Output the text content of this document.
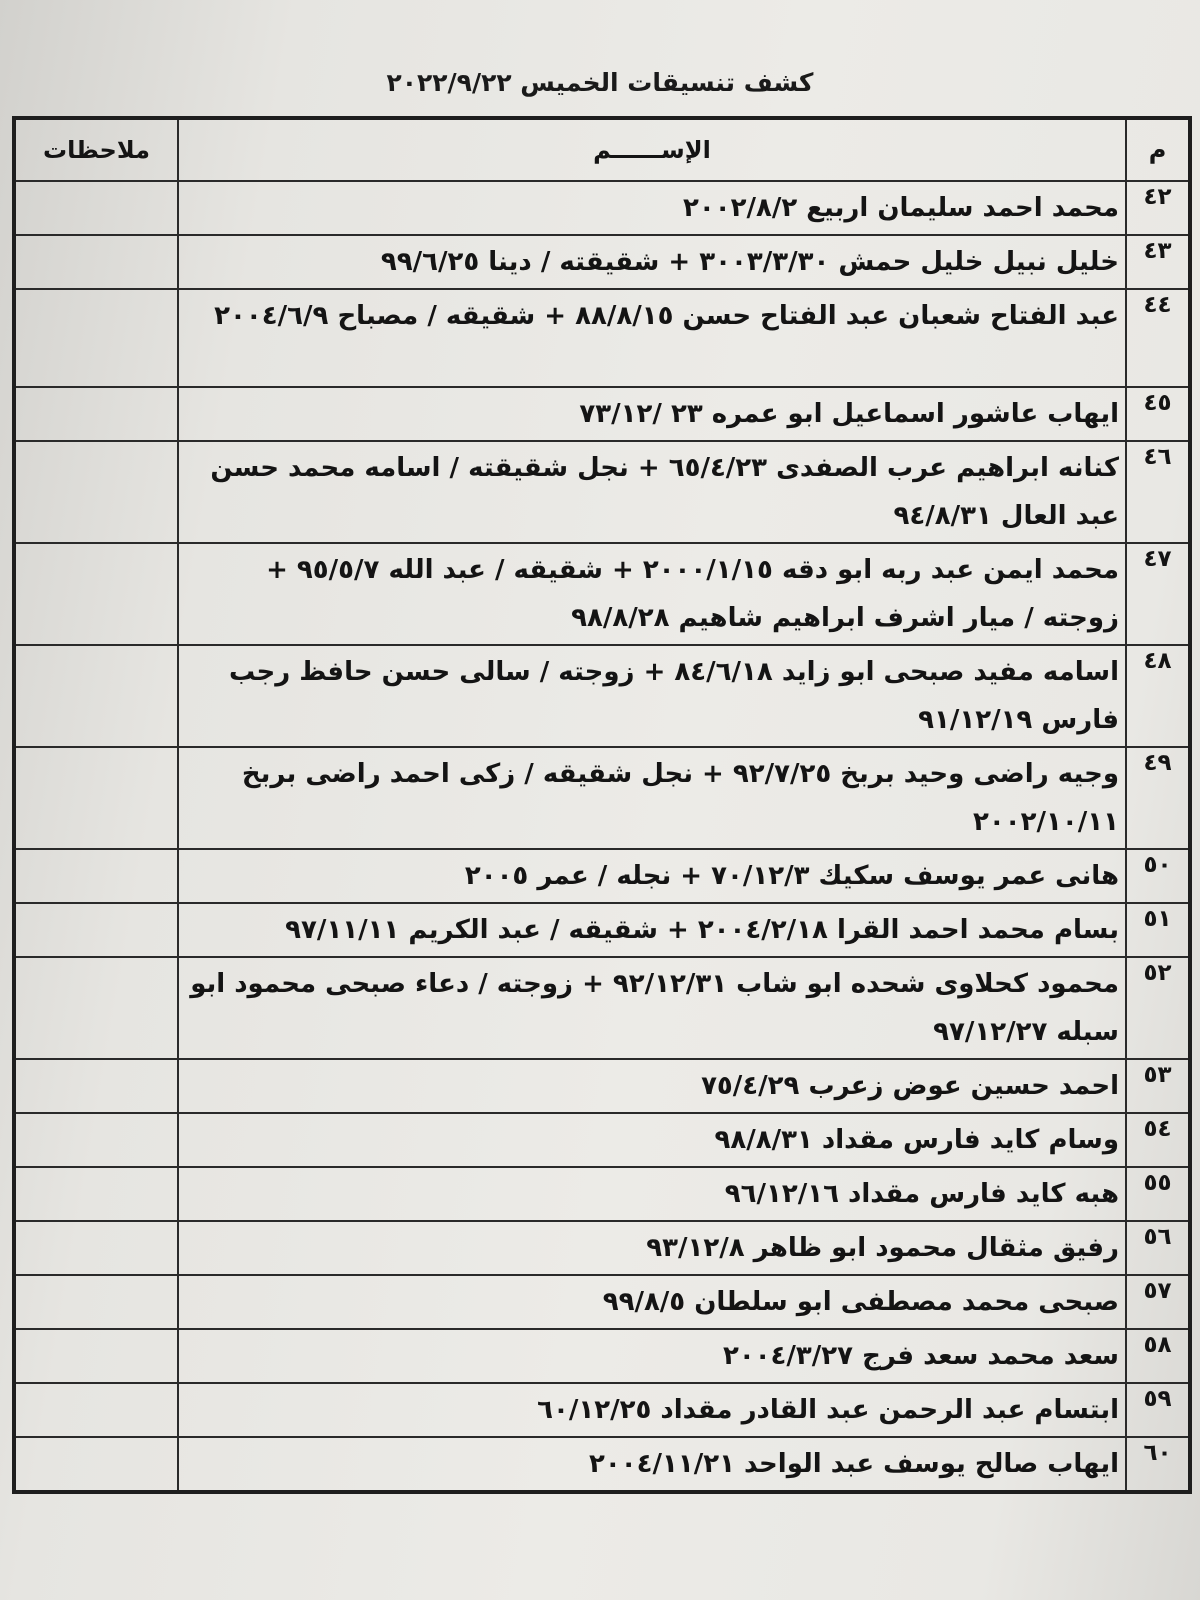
كشف تنسيقات الخميس ٢٠٢٢/٩/٢٢
م	الإســــــم	ملاحظات
٤٢	محمد احمد سليمان اربيع ٢٠٠٢/٨/٢	
٤٣	خليل نبيل خليل حمش ٣٠٠٣/٣/٣٠ + شقيقته / دينا ٩٩/٦/٢٥	
٤٤	عبد الفتاح شعبان عبد الفتاح حسن ٨٨/٨/١٥ + شقيقه / مصباح ٢٠٠٤/٦/٩	
٤٥	ايهاب عاشور اسماعيل ابو عمره ٢٣ /٧٣/١٢	
٤٦	كنانه ابراهيم عرب الصفدى ٦٥/٤/٢٣ + نجل شقيقته / اسامه محمد حسن عبد العال ٩٤/٨/٣١	
٤٧	محمد ايمن عبد ربه ابو دقه ٢٠٠٠/١/١٥ + شقيقه / عبد الله ٩٥/٥/٧ + زوجته / ميار اشرف ابراهيم شاهيم ٩٨/٨/٢٨	
٤٨	اسامه مفيد صبحى ابو زايد ٨٤/٦/١٨ + زوجته / سالى حسن حافظ رجب فارس ٩١/١٢/١٩	
٤٩	وجيه راضى وحيد بربخ ٩٢/٧/٢٥ + نجل شقيقه / زكى احمد راضى بربخ ٢٠٠٢/١٠/١١	
٥٠	هانى عمر يوسف سكيك ٧٠/١٢/٣ + نجله / عمر ٢٠٠٥	
٥١	بسام محمد احمد القرا ٢٠٠٤/٢/١٨ + شقيقه / عبد الكريم ٩٧/١١/١١	
٥٢	محمود كحلاوى شحده ابو شاب ٩٢/١٢/٣١ + زوجته / دعاء صبحى محمود ابو سبله ٩٧/١٢/٢٧	
٥٣	احمد حسين عوض زعرب ٧٥/٤/٢٩	
٥٤	وسام كايد فارس مقداد ٩٨/٨/٣١	
٥٥	هبه كايد فارس مقداد ٩٦/١٢/١٦	
٥٦	رفيق مثقال محمود ابو ظاهر ٩٣/١٢/٨	
٥٧	صبحى محمد مصطفى ابو سلطان ٩٩/٨/٥	
٥٨	سعد محمد سعد فرج ٢٠٠٤/٣/٢٧	
٥٩	ابتسام عبد الرحمن عبد القادر مقداد ٦٠/١٢/٢٥	
٦٠	ايهاب صالح يوسف عبد الواحد ٢٠٠٤/١١/٢١	
